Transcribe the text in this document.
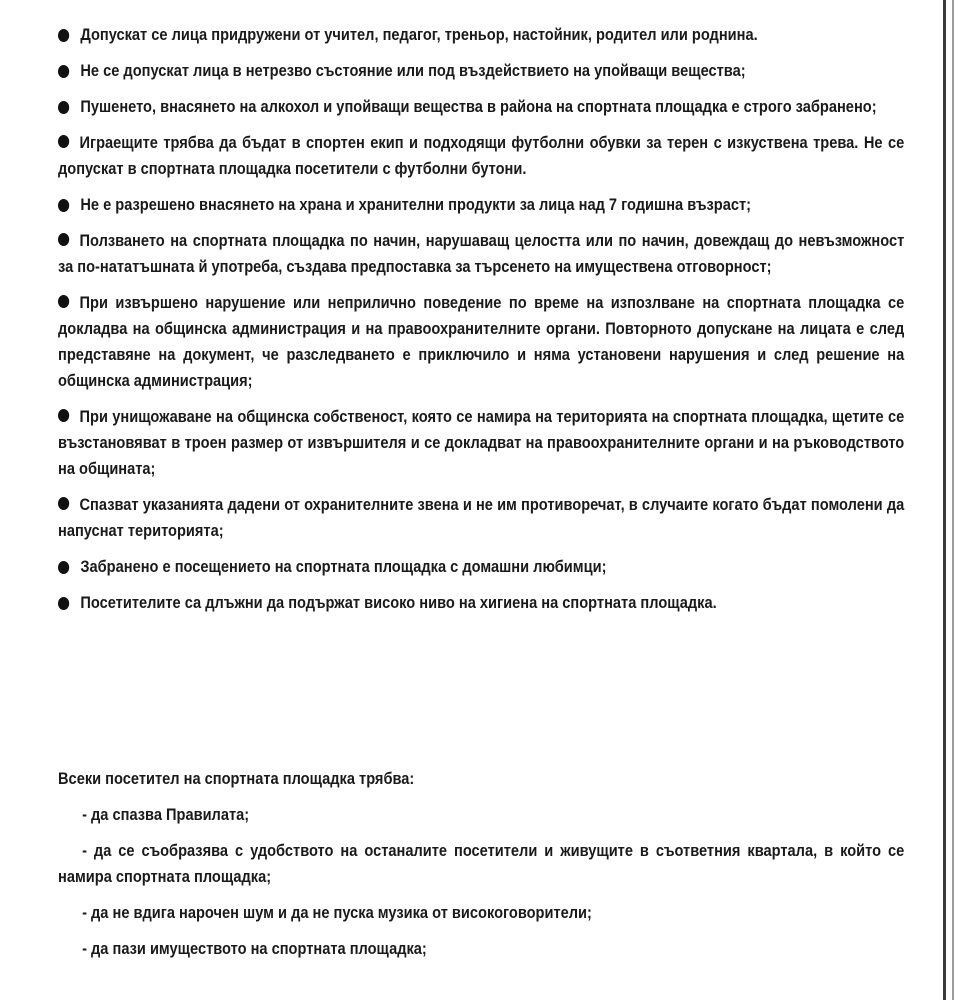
Допускат се лица придружени от учител, педагог, треньор, настойник, родител или роднина.
Не се допускат лица в нетрезво състояние или под въздействието на упойващи вещества;
Пушенето, внасянето на алкохол и упойващи вещества в района на спортната площадка е строго забранено;
Играещите трябва да бъдат в спортен екип и подходящи футболни обувки за терен с изкуствена трева. Не се допускат в спортната площадка посетители с футболни бутони.
Не е разрешено внасянето на храна и хранителни продукти за лица над 7 годишна възраст;
Ползването на спортната площадка по начин, нарушаващ целостта или по начин, довеждащ до невъзможност за по-нататъшната й употреба, създава предпоставка за търсенето на имуществена отговорност;
При извършено нарушение или неприлично поведение по време на изпозлване на спортната площадка се докладва на общинска администрация и на правоохранителните органи. Повторното допускане на лицата е след представяне на документ, че разследването е приключило и няма установени нарушения и след решение на общинска администрация;
При унищожаване на общинска собственост, която се намира на територията на спортната площадка, щетите се възстановяват в троен размер от извършителя и се докладват на правоохранителните органи и на ръководството на общината;
Спазват указанията дадени от охранителните звена и не им противоречат, в случаите когато бъдат помолени да напуснат територията;
Забранено е посещението на спортната площадка с домашни любимци;
Посетителите са длъжни да подържат високо ниво на хигиена на спортната площадка.
Всеки посетител на спортната площадка трябва:
- да спазва Правилата;
- да се съобразява с удобството на останалите посетители и живущите в съответния квартала, в който се намира спортната площадка;
- да не вдига нарочен шум и да не пуска музика от високоговорители;
- да пази имуществото на спортната площадка;
